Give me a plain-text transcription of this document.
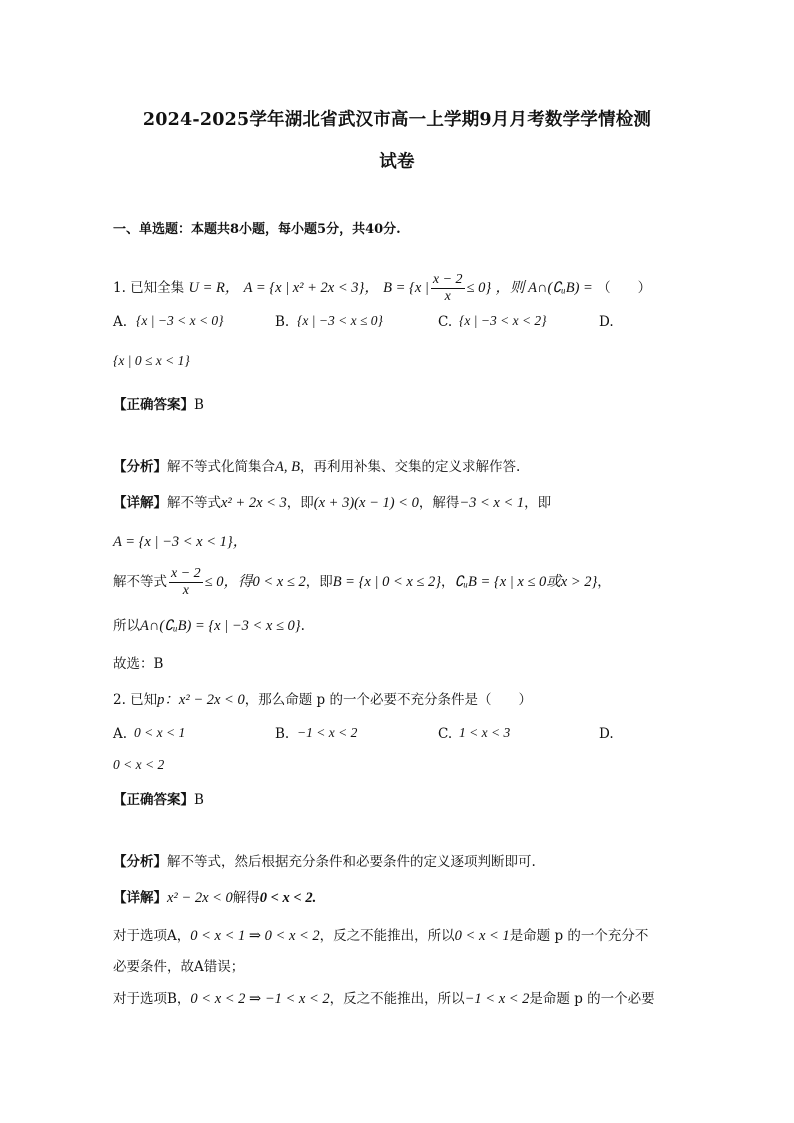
2024-2025学年湖北省武汉市高一上学期9月月考数学学情检测
试卷
一、单选题：本题共8小题，每小题5分，共40分.
1. 已知全集 U = R， A = {x | x² + 2x < 3}， B = {x | $\frac{x - 2}{x} \le 0$} ，则 A∩(∁ᵤB) = （　　）
A. {x | −3 < x < 0}	B. {x | −3 < x ≤ 0}	C. {x | −3 < x < 2}	D.
{x | 0 ≤ x < 1}
【正确答案】B
【分析】解不等式化简集合A, B，再利用补集、交集的定义求解作答.
【详解】解不等式x² + 2x < 3，即(x + 3)(x − 1) < 0，解得−3 < x < 1，即
A = {x | −3 < x < 1}，
解不等式 $\frac{x - 2}{x} \le 0$，得0 < x ≤ 2，即B = {x | 0 < x ≤ 2}，∁ᵤB = {x | x ≤ 0或x > 2}，
所以A∩(∁ᵤB) = {x | −3 < x ≤ 0}.
故选：B
2. 已知p：x² − 2x < 0，那么命题 p 的一个必要不充分条件是（　　）
A. 0 < x < 1	B. −1 < x < 2	C. 1 < x < 3	D.
0 < x < 2
【正确答案】B
【分析】解不等式，然后根据充分条件和必要条件的定义逐项判断即可.
【详解】x² − 2x < 0解得0 < x < 2.
对于选项A，0 < x < 1 ⇒ 0 < x < 2，反之不能推出，所以0 < x < 1是命题 p 的一个充分不
必要条件，故A错误；
对于选项B，0 < x < 2 ⇒ −1 < x < 2，反之不能推出，所以−1 < x < 2是命题 p 的一个必要
